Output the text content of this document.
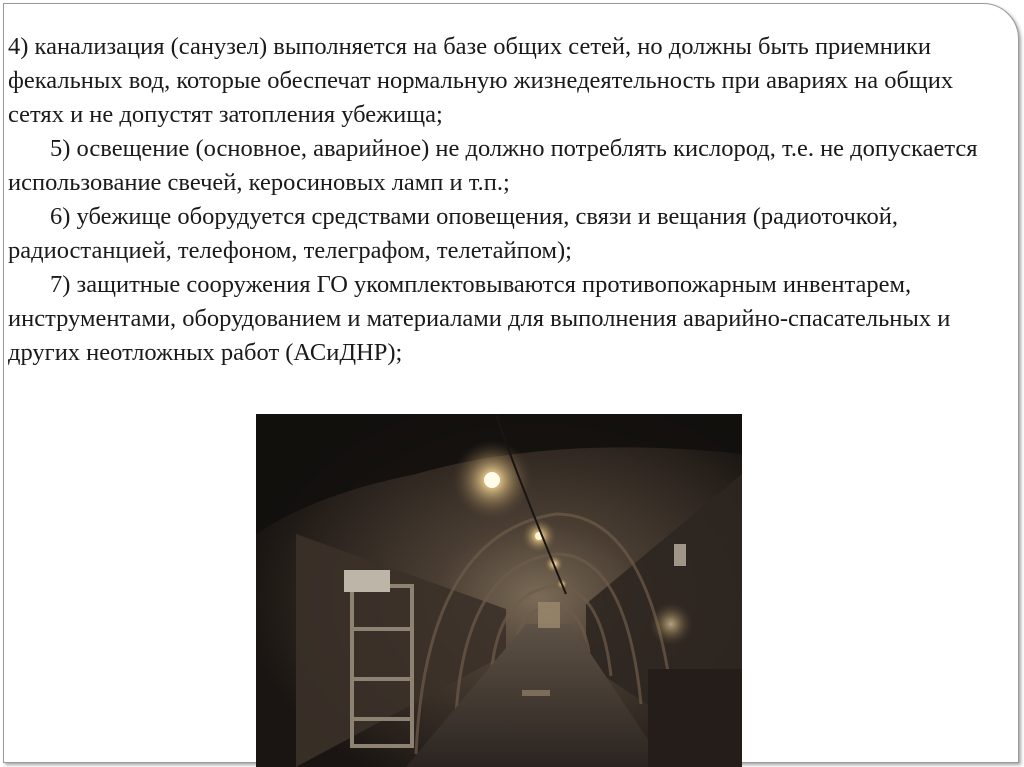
4) канализация (санузел) выполняется на базе общих сетей, но должны быть приемники фекальных вод, которые обеспечат нормальную жизнедеятельность при авариях на общих сетях и не допустят затопления убежища;

5) освещение (основное, аварийное) не должно потреблять кислород, т.е. не допускается использование свечей, керосиновых ламп и т.п.;

6) убежище оборудуется средствами оповещения, связи и вещания (радиоточкой, радиостанцией, телефоном, телеграфом, телетайпом);

7) защитные сооружения ГО укомплектовываются противопожарным инвентарем, инструментами, оборудованием и материалами для выполнения аварийно-спасательных и других неотложных работ (АСиДНР);
